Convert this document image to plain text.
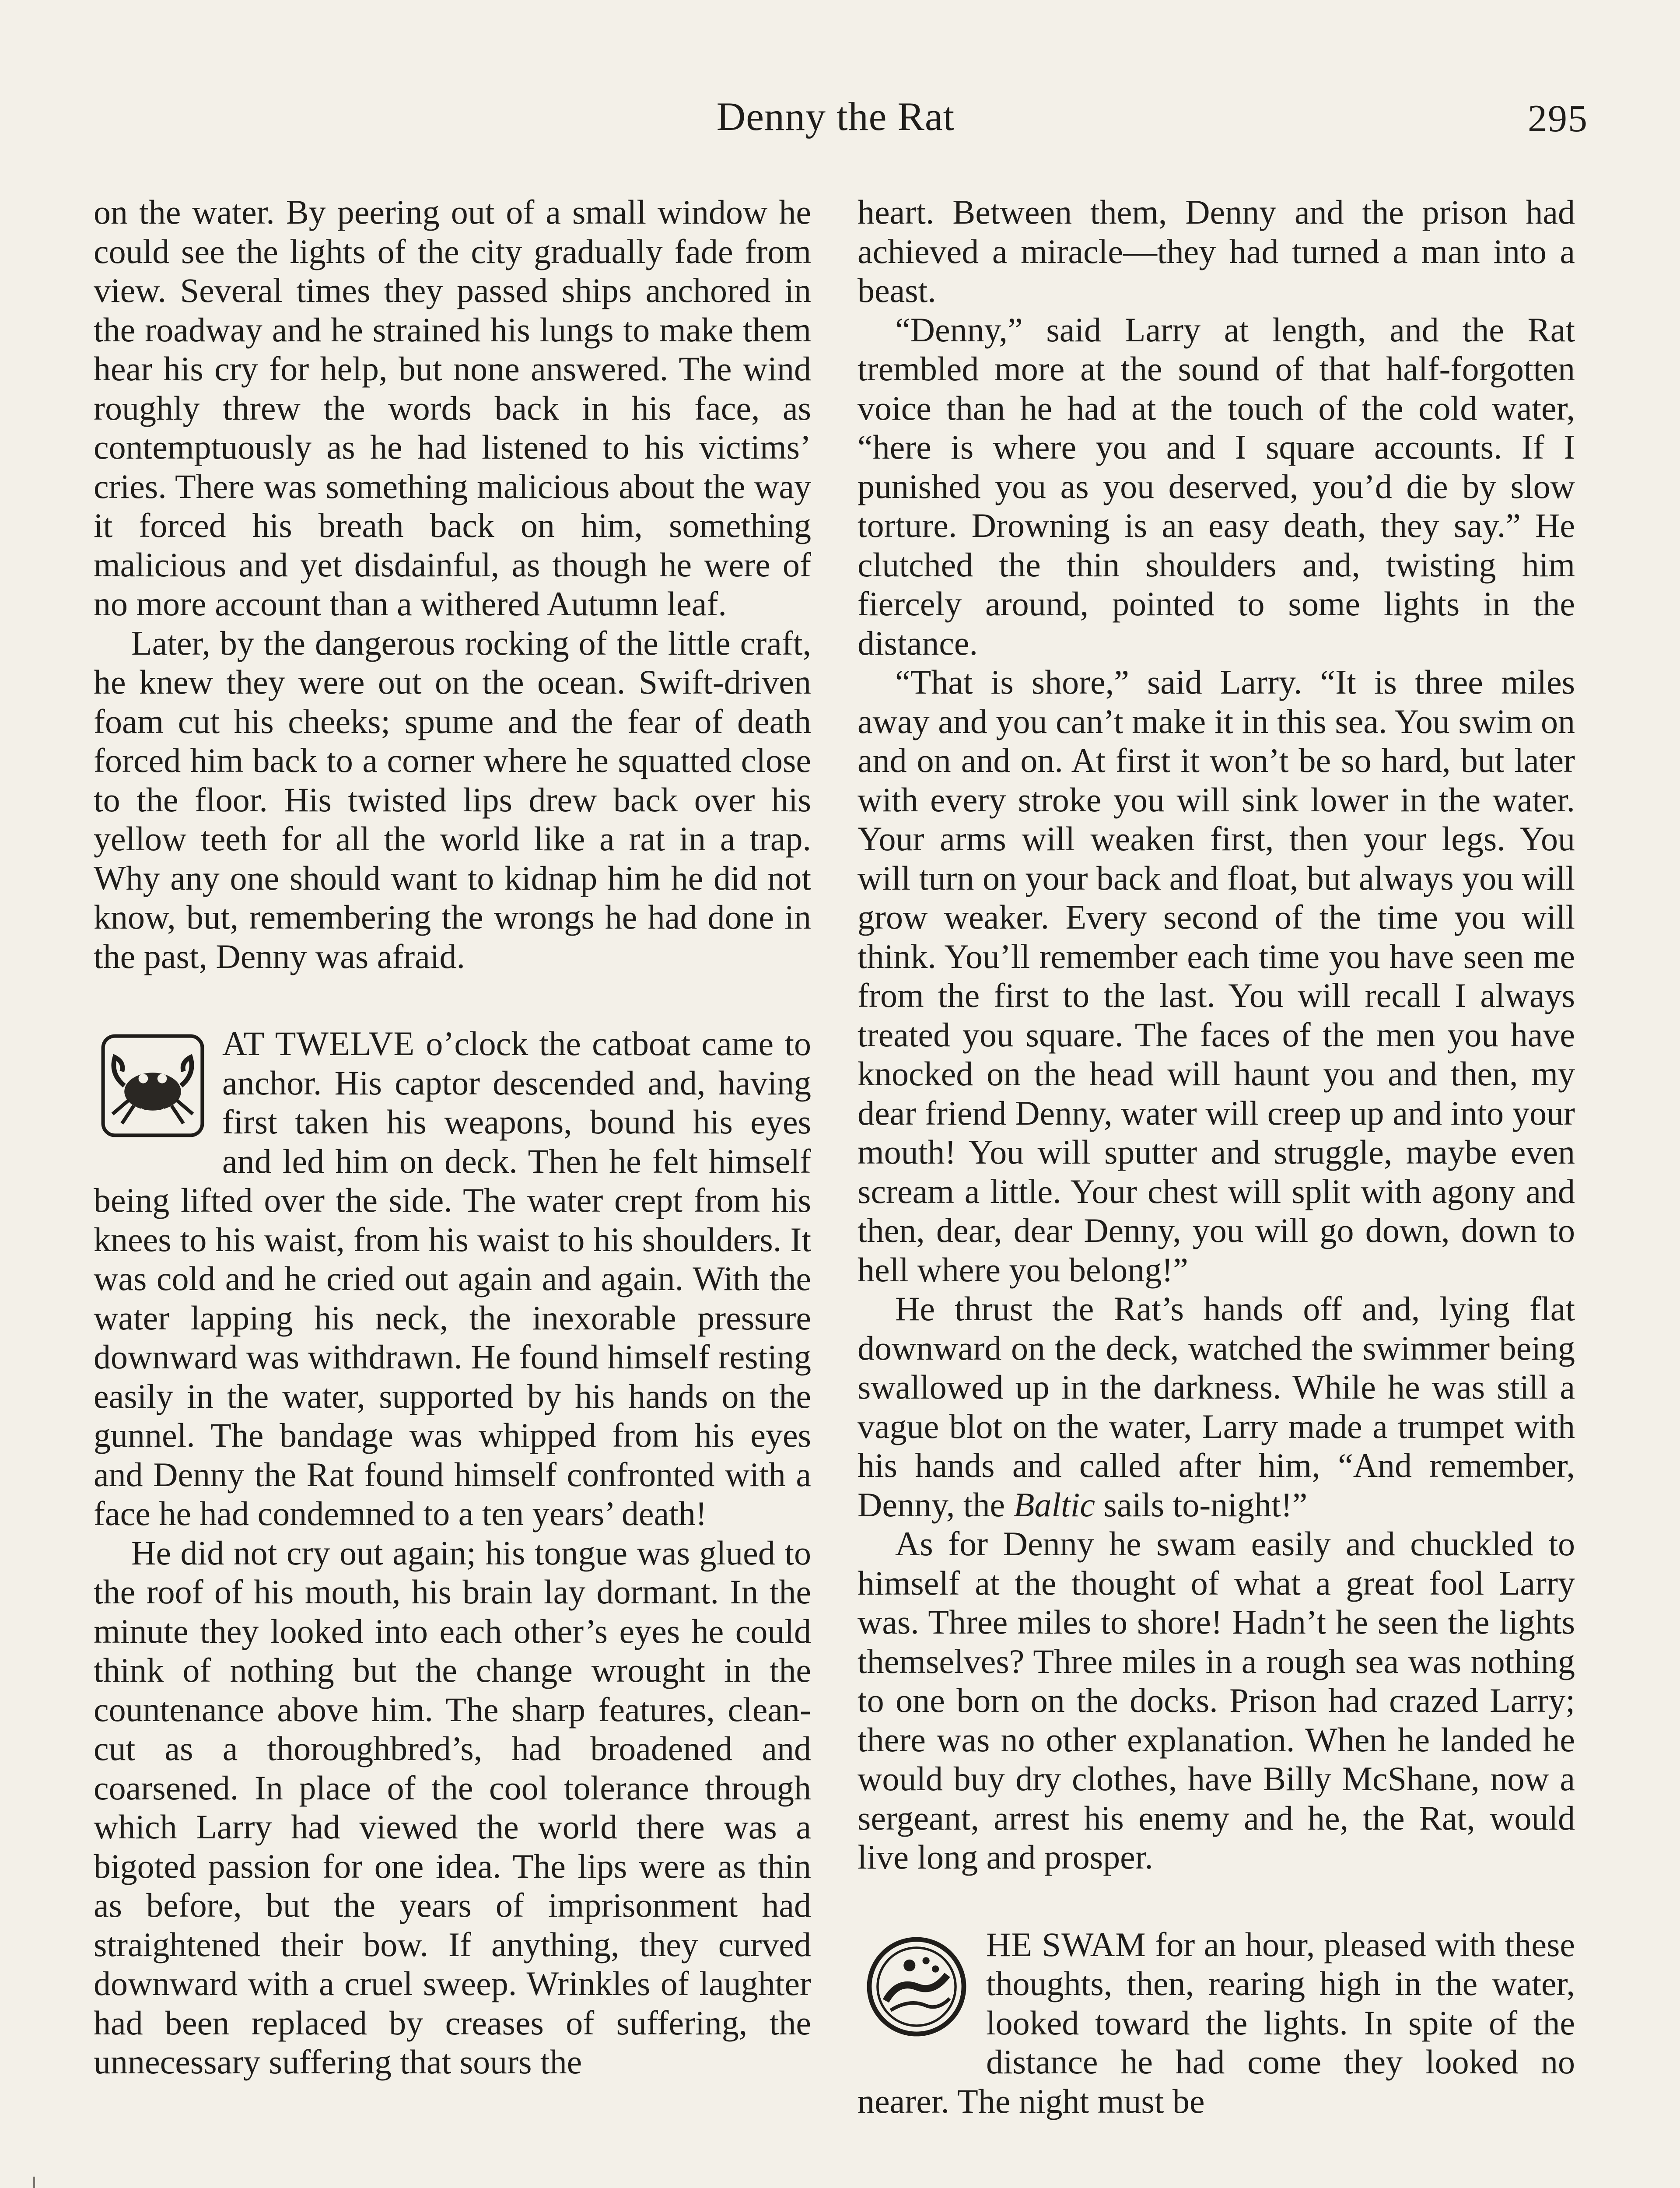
Denny the Rat	295

on the water. By peering out of a small window he could see the lights of the city gradually fade from view. Several times they passed ships anchored in the roadway and he strained his lungs to make them hear his cry for help, but none answered. The wind roughly threw the words back in his face, as contemptuously as he had listened to his victims’ cries. There was something malicious about the way it forced his breath back on him, something malicious and yet disdainful, as though he were of no more account than a withered Autumn leaf.

Later, by the dangerous rocking of the little craft, he knew they were out on the ocean. Swift-driven foam cut his cheeks; spume and the fear of death forced him back to a corner where he squatted close to the floor. His twisted lips drew back over his yellow teeth for all the world like a rat in a trap. Why any one should want to kidnap him he did not know, but, remembering the wrongs he had done in the past, Denny was afraid.

AT TWELVE o’clock the catboat came to anchor. His captor descended and, having first taken his weapons, bound his eyes and led him on deck. Then he felt himself being lifted over the side. The water crept from his knees to his waist, from his waist to his shoulders. It was cold and he cried out again and again. With the water lapping his neck, the inexorable pressure downward was withdrawn. He found himself resting easily in the water, supported by his hands on the gunnel. The bandage was whipped from his eyes and Denny the Rat found himself confronted with a face he had condemned to a ten years’ death!

He did not cry out again; his tongue was glued to the roof of his mouth, his brain lay dormant. In the minute they looked into each other’s eyes he could think of nothing but the change wrought in the countenance above him. The sharp features, clean-cut as a thoroughbred’s, had broadened and coarsened. In place of the cool tolerance through which Larry had viewed the world there was a bigoted passion for one idea. The lips were as thin as before, but the years of imprisonment had straightened their bow. If anything, they curved downward with a cruel sweep. Wrinkles of laughter had been replaced by creases of suffering, the unnecessary suffering that sours the

heart. Between them, Denny and the prison had achieved a miracle—they had turned a man into a beast.

“Denny,” said Larry at length, and the Rat trembled more at the sound of that half-forgotten voice than he had at the touch of the cold water, “here is where you and I square accounts. If I punished you as you deserved, you’d die by slow torture. Drowning is an easy death, they say.” He clutched the thin shoulders and, twisting him fiercely around, pointed to some lights in the distance.

“That is shore,” said Larry. “It is three miles away and you can’t make it in this sea. You swim on and on and on. At first it won’t be so hard, but later with every stroke you will sink lower in the water. Your arms will weaken first, then your legs. You will turn on your back and float, but always you will grow weaker. Every second of the time you will think. You’ll remember each time you have seen me from the first to the last. You will recall I always treated you square. The faces of the men you have knocked on the head will haunt you and then, my dear friend Denny, water will creep up and into your mouth! You will sputter and struggle, maybe even scream a little. Your chest will split with agony and then, dear, dear Denny, you will go down, down to hell where you belong!”

He thrust the Rat’s hands off and, lying flat downward on the deck, watched the swimmer being swallowed up in the darkness. While he was still a vague blot on the water, Larry made a trumpet with his hands and called after him, “And remember, Denny, the Baltic sails to-night!”

As for Denny he swam easily and chuckled to himself at the thought of what a great fool Larry was. Three miles to shore! Hadn’t he seen the lights themselves? Three miles in a rough sea was nothing to one born on the docks. Prison had crazed Larry; there was no other explanation. When he landed he would buy dry clothes, have Billy McShane, now a sergeant, arrest his enemy and he, the Rat, would live long and prosper.

HE SWAM for an hour, pleased with these thoughts, then, rearing high in the water, looked toward the lights. In spite of the distance he had come they looked no nearer. The night must be
